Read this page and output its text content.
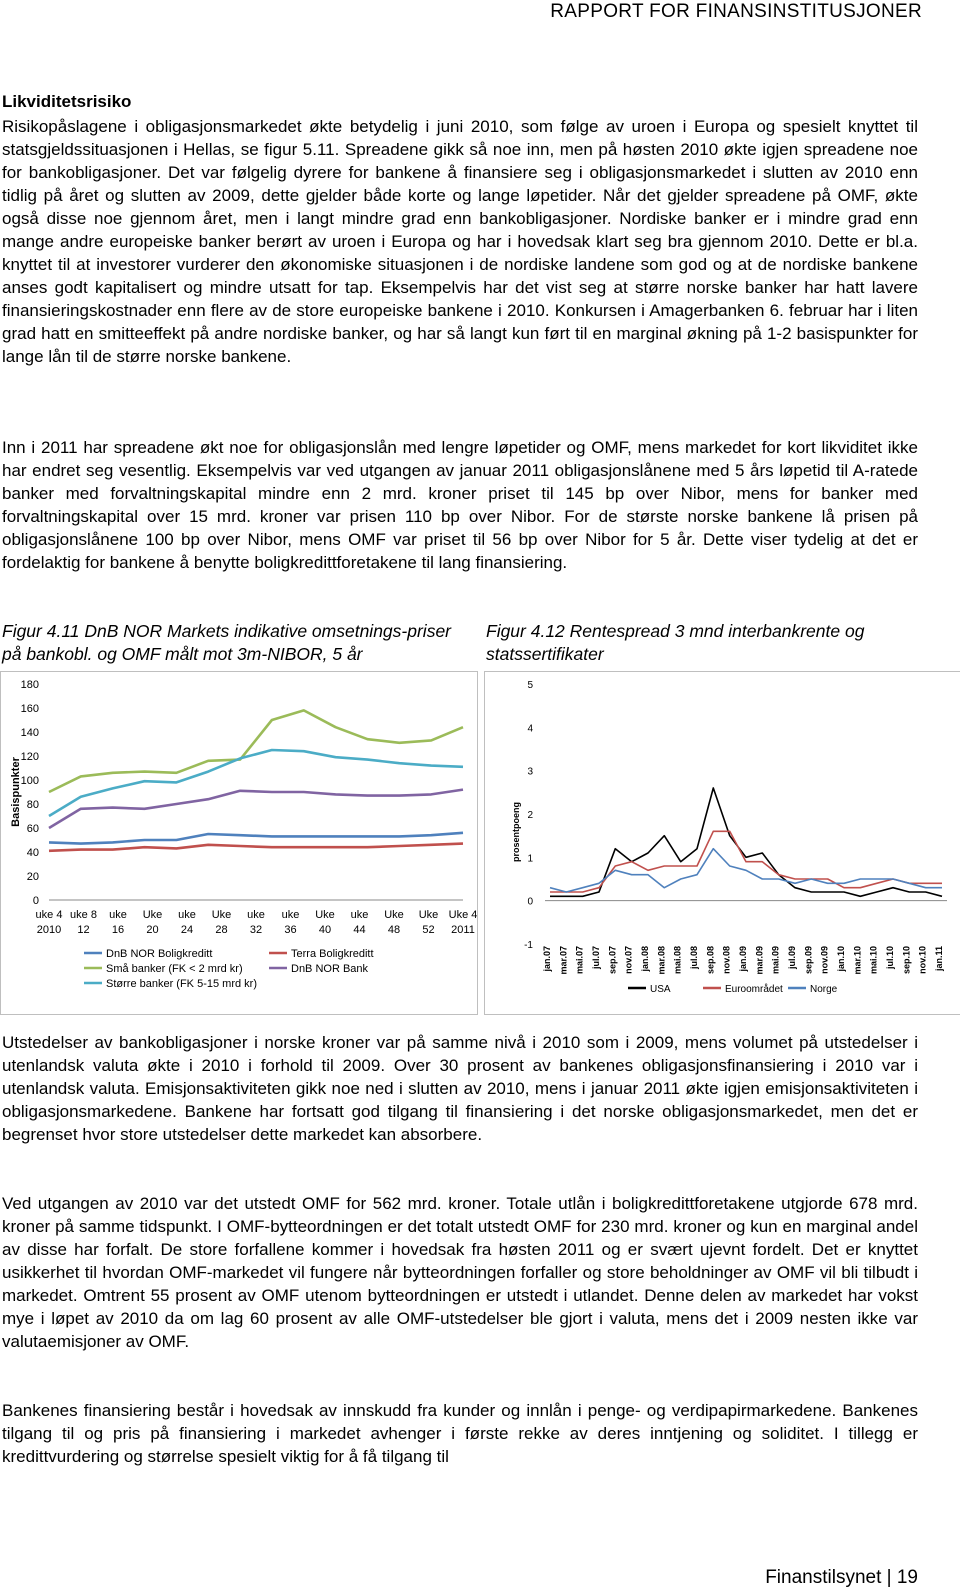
RAPPORT FOR FINANSINSTITUSJONER
Likviditetsrisiko

Risikopåslagene i obligasjonsmarkedet økte betydelig i juni 2010, som følge av uroen i Europa og spesielt knyttet til statsgjeldssituasjonen i Hellas, se figur 5.11. Spreadene gikk så noe inn, men på høsten 2010 økte igjen spreadene noe for bankobligasjoner. Det var følgelig dyrere for bankene å finansiere seg i obligasjonsmarkedet i slutten av 2010 enn tidlig på året og slutten av 2009, dette gjelder både korte og lange løpetider. Når det gjelder spreadene på OMF, økte også disse noe gjennom året, men i langt mindre grad enn bankobligasjoner. Nordiske banker er i mindre grad enn mange andre europeiske banker berørt av uroen i Europa og har i hovedsak klart seg bra gjennom 2010. Dette er bl.a. knyttet til at investorer vurderer den økonomiske situasjonen i de nordiske landene som god og at de nordiske bankene anses godt kapitalisert og mindre utsatt for tap. Eksempelvis har det vist seg at større norske banker har hatt lavere finansieringskostnader enn flere av de store europeiske bankene i 2010. Konkursen i Amagerbanken 6. februar har i liten grad hatt en smitteeffekt på andre nordiske banker, og har så langt kun ført til en marginal økning på 1-2 basispunkter for lange lån til de større norske bankene.

Inn i 2011 har spreadene økt noe for obligasjonslån med lengre løpetider og OMF, mens markedet for kort likviditet ikke har endret seg vesentlig. Eksempelvis var ved utgangen av januar 2011 obligasjonslånene med 5 års løpetid til A-ratede banker med forvaltningskapital mindre enn 2 mrd. kroner priset til 145 bp over Nibor, mens for banker med forvaltningskapital over 15 mrd. kroner var prisen 110 bp over Nibor. For de største norske bankene lå prisen på obligasjonslånene 100 bp over Nibor, mens OMF var priset til 56 bp over Nibor for 5 år. Dette viser tydelig at det er fordelaktig for bankene å benytte boligkredittforetakene til lang finansiering.

Figur 4.11 DnB NOR Markets indikative omsetnings-priser på bankobl. og OMF målt mot 3m-NIBOR, 5 år

Figur 4.12 Rentespread 3 mnd interbankrente og statssertifikater

0
20
40
60
80
100
120
140
160
180
Basispunkter
uke 4
2010
uke 8
12
uke
16
Uke
20
uke
24
Uke
28
uke
32
uke
36
Uke
40
uke
44
Uke
48
Uke
52
Uke 4
2011
DnB NOR Boligkreditt	Terra Boligkreditt
Små banker (FK < 2 mrd kr)	DnB NOR Bank
Større banker (FK 5-15 mrd kr)
-1
0
1
2
3
4
5
prosentpoeng
jan.07 mar.07 mai.07 jul.07 sep.07 nov.07 jan.08 mar.08 mai.08 jul.08 sep.08 nov.08 jan.09 mar.09 mai.09 jul.09 sep.09 nov.09 jan.10 mar.10 mai.10 jul.10 sep.10 nov.10 jan.11
USA	Euroområdet	Norge

Utstedelser av bankobligasjoner i norske kroner var på samme nivå i 2010 som i 2009, mens volumet på utstedelser i utenlandsk valuta økte i 2010 i forhold til 2009. Over 30 prosent av bankenes obligasjonsfinansiering i 2010 var i utenlandsk valuta. Emisjonsaktiviteten gikk noe ned i slutten av 2010, mens i januar 2011 økte igjen emisjonsaktiviteten i obligasjonsmarkedene. Bankene har fortsatt god tilgang til finansiering i det norske obligasjonsmarkedet, men det er begrenset hvor store utstedelser dette markedet kan absorbere.

Ved utgangen av 2010 var det utstedt OMF for 562 mrd. kroner. Totale utlån i boligkredittforetakene utgjorde 678 mrd. kroner på samme tidspunkt. I OMF-bytteordningen er det totalt utstedt OMF for 230 mrd. kroner og kun en marginal andel av disse har forfalt. De store forfallene kommer i hovedsak fra høsten 2011 og er svært ujevnt fordelt. Det er knyttet usikkerhet til hvordan OMF-markedet vil fungere når bytteordningen forfaller og store beholdninger av OMF vil bli tilbudt i markedet. Omtrent 55 prosent av OMF utenom bytteordningen er utstedt i utlandet. Denne delen av markedet har vokst mye i løpet av 2010 da om lag 60 prosent av alle OMF-utstedelser ble gjort i valuta, mens det i 2009 nesten ikke var valutaemisjoner av OMF.

Bankenes finansiering består i hovedsak av innskudd fra kunder og innlån i penge- og verdipapirmarkedene. Bankenes tilgang til og pris på finansiering i markedet avhenger i første rekke av deres inntjening og soliditet. I tillegg er kredittvurdering og størrelse spesielt viktig for å få tilgang til

Finanstilsynet | 19
